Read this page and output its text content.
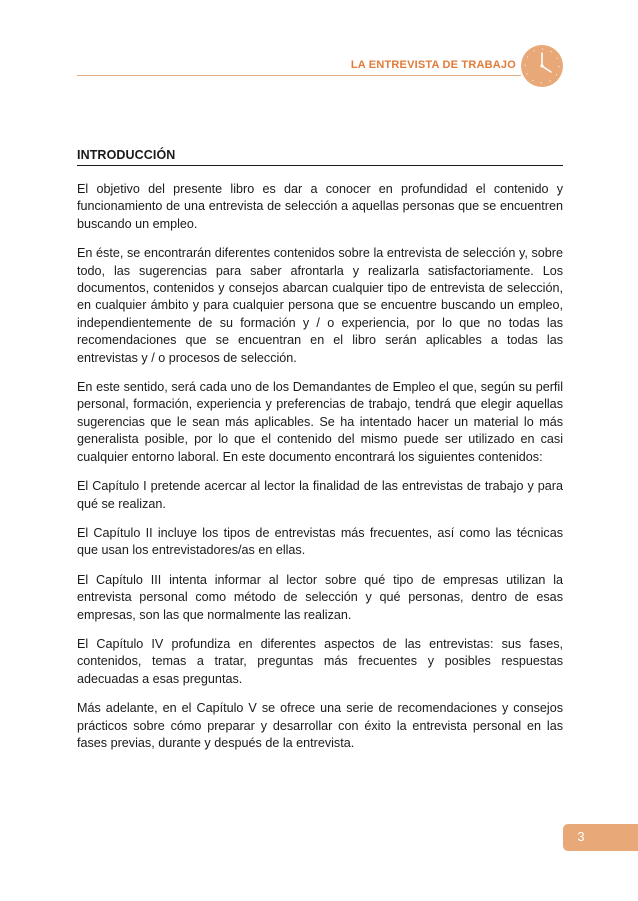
LA ENTREVISTA DE TRABAJO
INTRODUCCIÓN

El objetivo del presente libro es dar a conocer en profundidad el contenido y funcionamiento de una entrevista de selección a aquellas personas que se encuentren buscando un empleo.

En éste, se encontrarán diferentes contenidos sobre la entrevista de selección y, sobre todo, las sugerencias para saber afrontarla y realizarla satisfactoriamente. Los documentos, contenidos y consejos abarcan cualquier tipo de entrevista de selección, en cualquier ámbito y para cualquier persona que se encuentre buscando un empleo, independientemente de su formación y / o experiencia, por lo que no todas las recomendaciones que se encuentran en el libro serán aplicables a todas las entrevistas y / o procesos de selección.

En este sentido, será cada uno de los Demandantes de Empleo el que, según su perfil personal, formación, experiencia y preferencias de trabajo, tendrá que elegir aquellas sugerencias que le sean más aplicables. Se ha intentado hacer un material lo más generalista posible, por lo que el contenido del mismo puede ser utilizado en casi cualquier entorno laboral. En este documento encontrará los siguientes contenidos:

El Capítulo I pretende acercar al lector la finalidad de las entrevistas de trabajo y para qué se realizan.

El Capítulo II incluye los tipos de entrevistas más frecuentes, así como las técnicas que usan los entrevistadores/as en ellas.

El Capítulo III intenta informar al lector sobre qué tipo de empresas utilizan la entrevista personal como método de selección y qué personas, dentro de esas empresas, son las que normalmente las realizan.

El Capítulo IV profundiza en diferentes aspectos de las entrevistas: sus fases, contenidos, temas a tratar, preguntas más frecuentes y posibles respuestas adecuadas a esas preguntas.

Más adelante, en el Capítulo V se ofrece una serie de recomendaciones y consejos prácticos sobre cómo preparar y desarrollar con éxito la entrevista personal en las fases previas, durante y después de la entrevista.

3
